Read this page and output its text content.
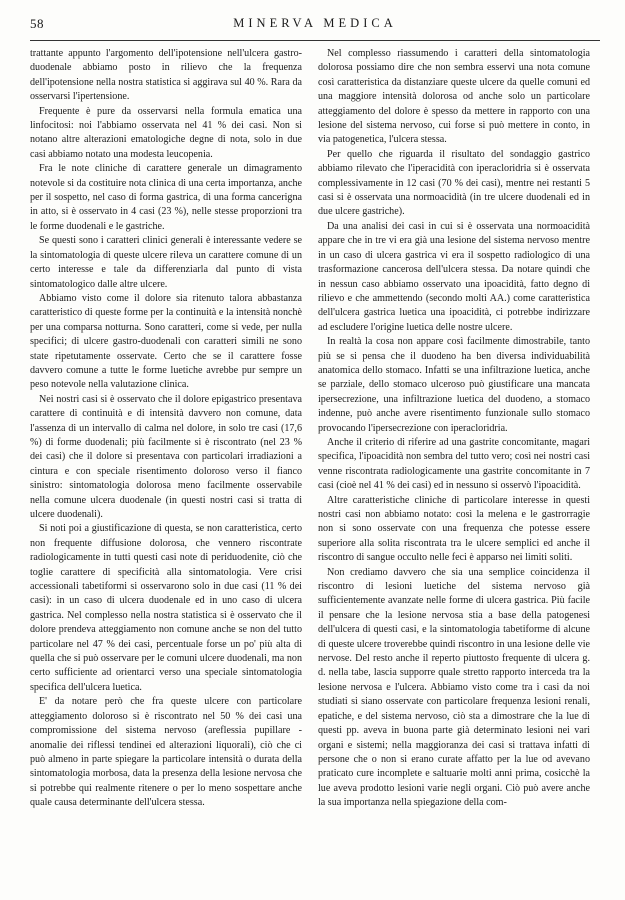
58	MINERVA MEDICA

trattante appunto l'argomento dell'ipotensione nell'ulcera gastro-duodenale abbiamo posto in rilievo che la frequenza dell'ipotensione nella nostra statistica si aggirava sul 40 %. Rara da osservarsi l'ipertensione.

Frequente è pure da osservarsi nella formula ematica una linfocitosi: noi l'abbiamo osservata nel 41 % dei casi. Non si notano altre alterazioni ematologiche degne di nota, solo in due casi abbiamo notato una modesta leucopenia.

Fra le note cliniche di carattere generale un dimagramento notevole si da costituire nota clinica di una certa importanza, anche per il sospetto, nel caso di forma gastrica, di una forma cancerigna in atto, si è osservato in 4 casi (23 %), nelle stesse proporzioni tra le forme duodenali e le gastriche.

Se questi sono i caratteri clinici generali è interessante vedere se la sintomatologia di queste ulcere rileva un carattere comune di un certo interesse e tale da differenziarla dal punto di vista sintomatologico dalle altre ulcere.

Abbiamo visto come il dolore sia ritenuto talora abbastanza caratteristico di queste forme per la continuità e la intensità nonchè per una comparsa notturna. Sono caratteri, come si vede, per nulla specifici; di ulcere gastro-duodenali con caratteri simili ne sono state ripetutamente osservate. Certo che se il carattere fosse davvero comune a tutte le forme luetiche avrebbe pur sempre un peso notevole nella valutazione clinica.

Nei nostri casi si è osservato che il dolore epigastrico presentava carattere di continuità e di intensità davvero non comune, data l'assenza di un intervallo di calma nel dolore, in solo tre casi (17,6 %) di forme duodenali; più facilmente si è riscontrato (nel 23 % dei casi) che il dolore si presentava con particolari irradiazioni a cintura e con speciale risentimento doloroso verso il fianco sinistro: sintomatologia dolorosa meno facilmente osservabile nella comune ulcera duodenale (in questi nostri casi si tratta di ulcere duodenali).

Si noti poi a giustificazione di questa, se non caratteristica, certo non frequente diffusione dolorosa, che vennero riscontrate radiologicamente in tutti questi casi note di periduodenite, ciò che toglie carattere di specificità alla sintomatologia. Vere crisi accessionali tabetiformi si osservarono solo in due casi (11 % dei casi): in un caso di ulcera duodenale ed in uno caso di ulcera gastrica. Nel complesso nella nostra statistica si è osservato che il dolore prendeva atteggiamento non comune anche se non del tutto particolare nel 47 % dei casi, percentuale forse un po' più alta di quella che si può osservare per le comuni ulcere duodenali, ma non certo sufficiente ad orientarci verso una speciale sintomatologia specifica dell'ulcera luetica.

E' da notare però che fra queste ulcere con particolare atteggiamento doloroso si è riscontrato nel 50 % dei casi una compromissione del sistema nervoso (areflessia pupillare - anomalie dei riflessi tendinei ed alterazioni liquorali), ciò che ci può almeno in parte spiegare la particolare intensità o durata della sintomatologia morbosa, data la presenza della lesione nervosa che si potrebbe qui realmente ritenere o per lo meno sospettare anche quale causa determinante dell'ulcera stessa.

Nel complesso riassumendo i caratteri della sintomatologia dolorosa possiamo dire che non sembra esservi una nota comune così caratteristica da distanziare queste ulcere da quelle comuni ed una maggiore intensità dolorosa od anche solo un particolare atteggiamento del dolore è spesso da mettere in rapporto con una lesione del sistema nervoso, cui forse si può mettere in conto, in via patogenetica, l'ulcera stessa.

Per quello che riguarda il risultato del sondaggio gastrico abbiamo rilevato che l'iperacidità con iperacloridria si è osservata complessivamente in 12 casi (70 % dei casi), mentre nei restanti 5 casi si è osservata una normoacidità (in tre ulcere duodenali ed in due ulcere gastriche).

Da una analisi dei casi in cui si è osservata una normoacidità appare che in tre vi era già una lesione del sistema nervoso mentre in un caso di ulcera gastrica vi era il sospetto radiologico di una trasformazione cancerosa dell'ulcera stessa. Da notare quindi che in nessun caso abbiamo osservato una ipoacidità, fatto degno di rilievo e che ammettendo (secondo molti AA.) come caratteristica dell'ulcera gastrica luetica una ipoacidità, ci potrebbe indirizzare ad escludere l'origine luetica delle nostre ulcere.

In realtà la cosa non appare così facilmente dimostrabile, tanto più se si pensa che il duodeno ha ben diversa individuabilità anatomica dello stomaco. Infatti se una infiltrazione luetica, anche se parziale, dello stomaco ulceroso può giustificare una mancata ipersecrezione, una infiltrazione luetica del duodeno, a stomaco indenne, può anche avere risentimento funzionale sullo stomaco provocando l'ipersecrezione con iperacloridria.

Anche il criterio di riferire ad una gastrite concomitante, magari specifica, l'ipoacidità non sembra del tutto vero; così nei nostri casi venne riscontrata radiologicamente una gastrite concomitante in 7 casi (cioè nel 41 % dei casi) ed in nessuno si osservò l'ipoacidità.

Altre caratteristiche cliniche di particolare interesse in questi nostri casi non abbiamo notato: così la melena e le gastrorragie non si sono osservate con una frequenza che potesse essere superiore alla solita riscontrata tra le ulcere semplici ed anche il riscontro di sangue occulto nelle feci è apparso nei limiti soliti.

Non crediamo davvero che sia una semplice coincidenza il riscontro di lesioni luetiche del sistema nervoso già sufficientemente avanzate nelle forme di ulcera gastrica. Più facile il pensare che la lesione nervosa stia a base della patogenesi dell'ulcera di questi casi, e la sintomatologia tabetiforme di alcune di queste ulcere troverebbe quindi riscontro in una lesione delle vie nervose. Del resto anche il reperto piuttosto frequente di ulcera g. d. nella tabe, lascia supporre quale stretto rapporto interceda tra la lesione nervosa e l'ulcera. Abbiamo visto come tra i casi da noi studiati si siano osservate con particolare frequenza lesioni renali, epatiche, e del sistema nervoso, ciò sta a dimostrare che la lue di questi pp. aveva in buona parte già determinato lesioni nei vari organi e sistemi; nella maggioranza dei casi si trattava infatti di persone che o non si erano curate affatto per la lue od avevano praticato cure incomplete e saltuarie molti anni prima, cosicchè la lue aveva prodotto lesioni varie negli organi. Ciò può avere anche la sua importanza nella spiegazione della com-
